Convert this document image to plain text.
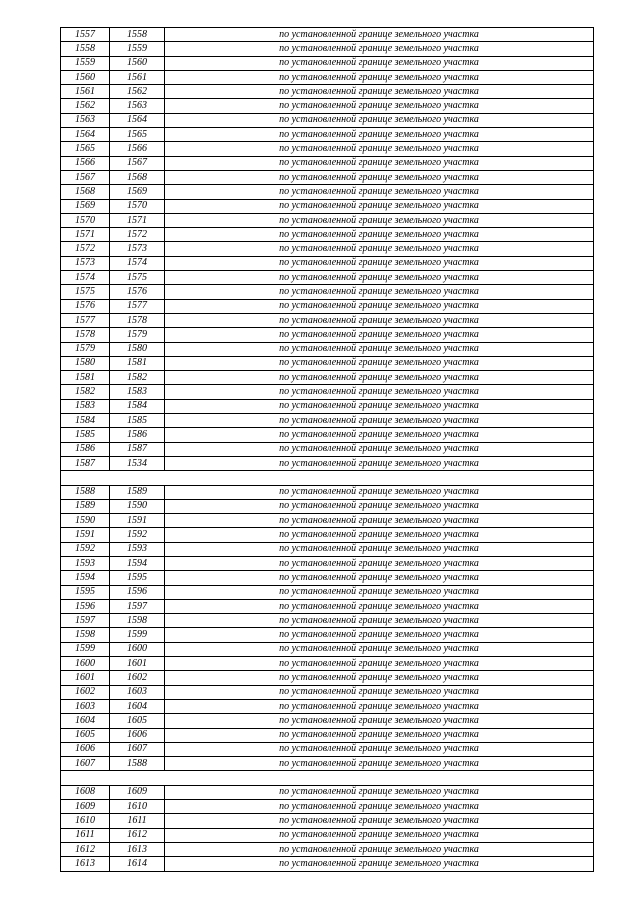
1557	1558	по установленной границе земельного участка
1558	1559	по установленной границе земельного участка
1559	1560	по установленной границе земельного участка
1560	1561	по установленной границе земельного участка
1561	1562	по установленной границе земельного участка
1562	1563	по установленной границе земельного участка
1563	1564	по установленной границе земельного участка
1564	1565	по установленной границе земельного участка
1565	1566	по установленной границе земельного участка
1566	1567	по установленной границе земельного участка
1567	1568	по установленной границе земельного участка
1568	1569	по установленной границе земельного участка
1569	1570	по установленной границе земельного участка
1570	1571	по установленной границе земельного участка
1571	1572	по установленной границе земельного участка
1572	1573	по установленной границе земельного участка
1573	1574	по установленной границе земельного участка
1574	1575	по установленной границе земельного участка
1575	1576	по установленной границе земельного участка
1576	1577	по установленной границе земельного участка
1577	1578	по установленной границе земельного участка
1578	1579	по установленной границе земельного участка
1579	1580	по установленной границе земельного участка
1580	1581	по установленной границе земельного участка
1581	1582	по установленной границе земельного участка
1582	1583	по установленной границе земельного участка
1583	1584	по установленной границе земельного участка
1584	1585	по установленной границе земельного участка
1585	1586	по установленной границе земельного участка
1586	1587	по установленной границе земельного участка
1587	1534	по установленной границе земельного участка

1588	1589	по установленной границе земельного участка
1589	1590	по установленной границе земельного участка
1590	1591	по установленной границе земельного участка
1591	1592	по установленной границе земельного участка
1592	1593	по установленной границе земельного участка
1593	1594	по установленной границе земельного участка
1594	1595	по установленной границе земельного участка
1595	1596	по установленной границе земельного участка
1596	1597	по установленной границе земельного участка
1597	1598	по установленной границе земельного участка
1598	1599	по установленной границе земельного участка
1599	1600	по установленной границе земельного участка
1600	1601	по установленной границе земельного участка
1601	1602	по установленной границе земельного участка
1602	1603	по установленной границе земельного участка
1603	1604	по установленной границе земельного участка
1604	1605	по установленной границе земельного участка
1605	1606	по установленной границе земельного участка
1606	1607	по установленной границе земельного участка
1607	1588	по установленной границе земельного участка

1608	1609	по установленной границе земельного участка
1609	1610	по установленной границе земельного участка
1610	1611	по установленной границе земельного участка
1611	1612	по установленной границе земельного участка
1612	1613	по установленной границе земельного участка
1613	1614	по установленной границе земельного участка
